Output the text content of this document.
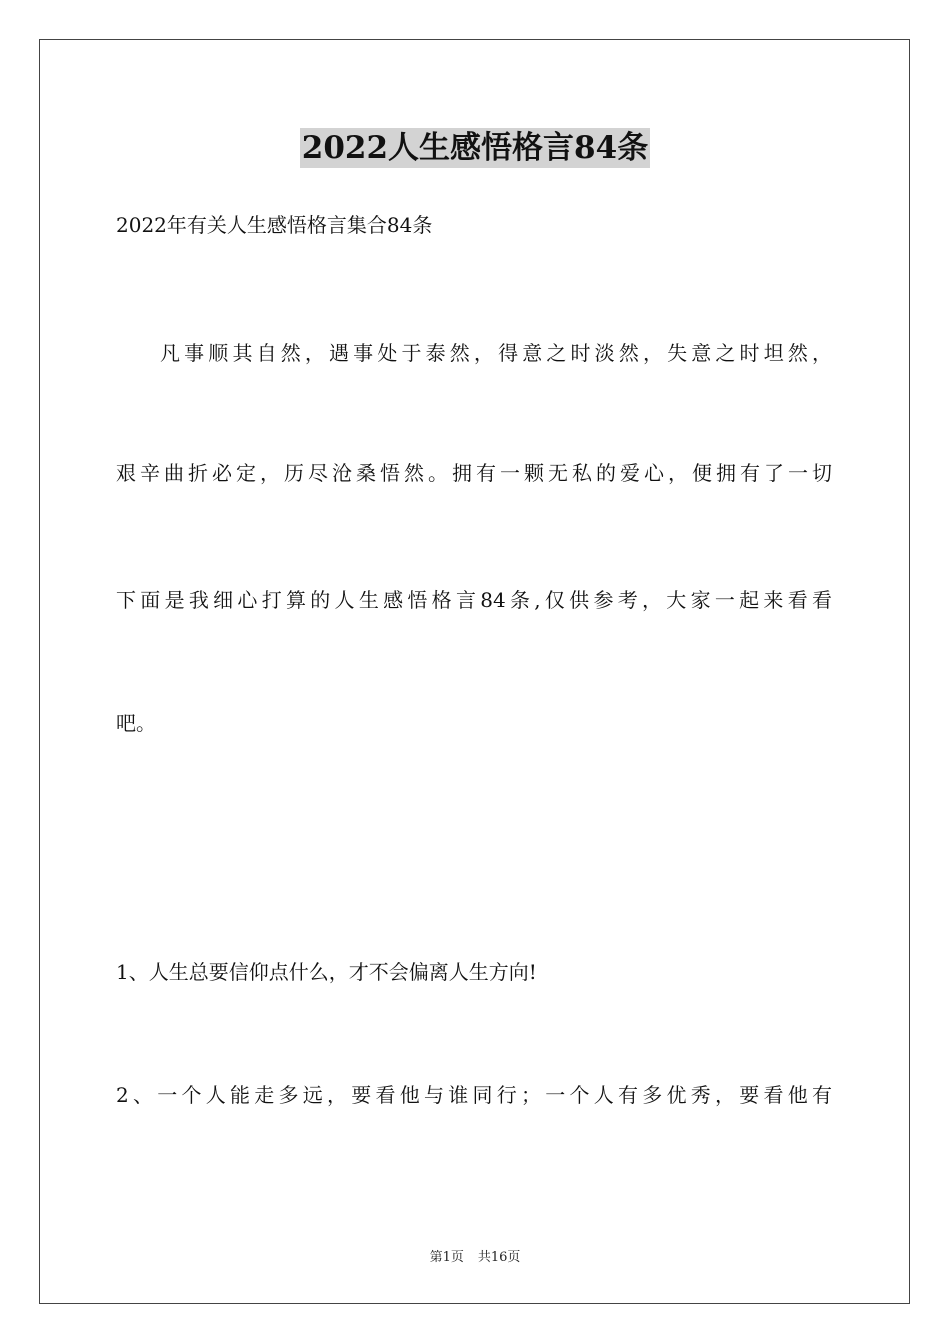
2022人生感悟格言84条
2022年有关人生感悟格言集合84条
凡事顺其自然，遇事处于泰然，得意之时淡然，失意之时坦然，
艰辛曲折必定，历尽沧桑悟然。拥有一颗无私的爱心，便拥有了一切
下面是我细心打算的人生感悟格言84条,仅供参考，大家一起来看看
吧。
1、人生总要信仰点什么，才不会偏离人生方向!
2、一个人能走多远，要看他与谁同行；一个人有多优秀，要看他有
第1页 共16页
